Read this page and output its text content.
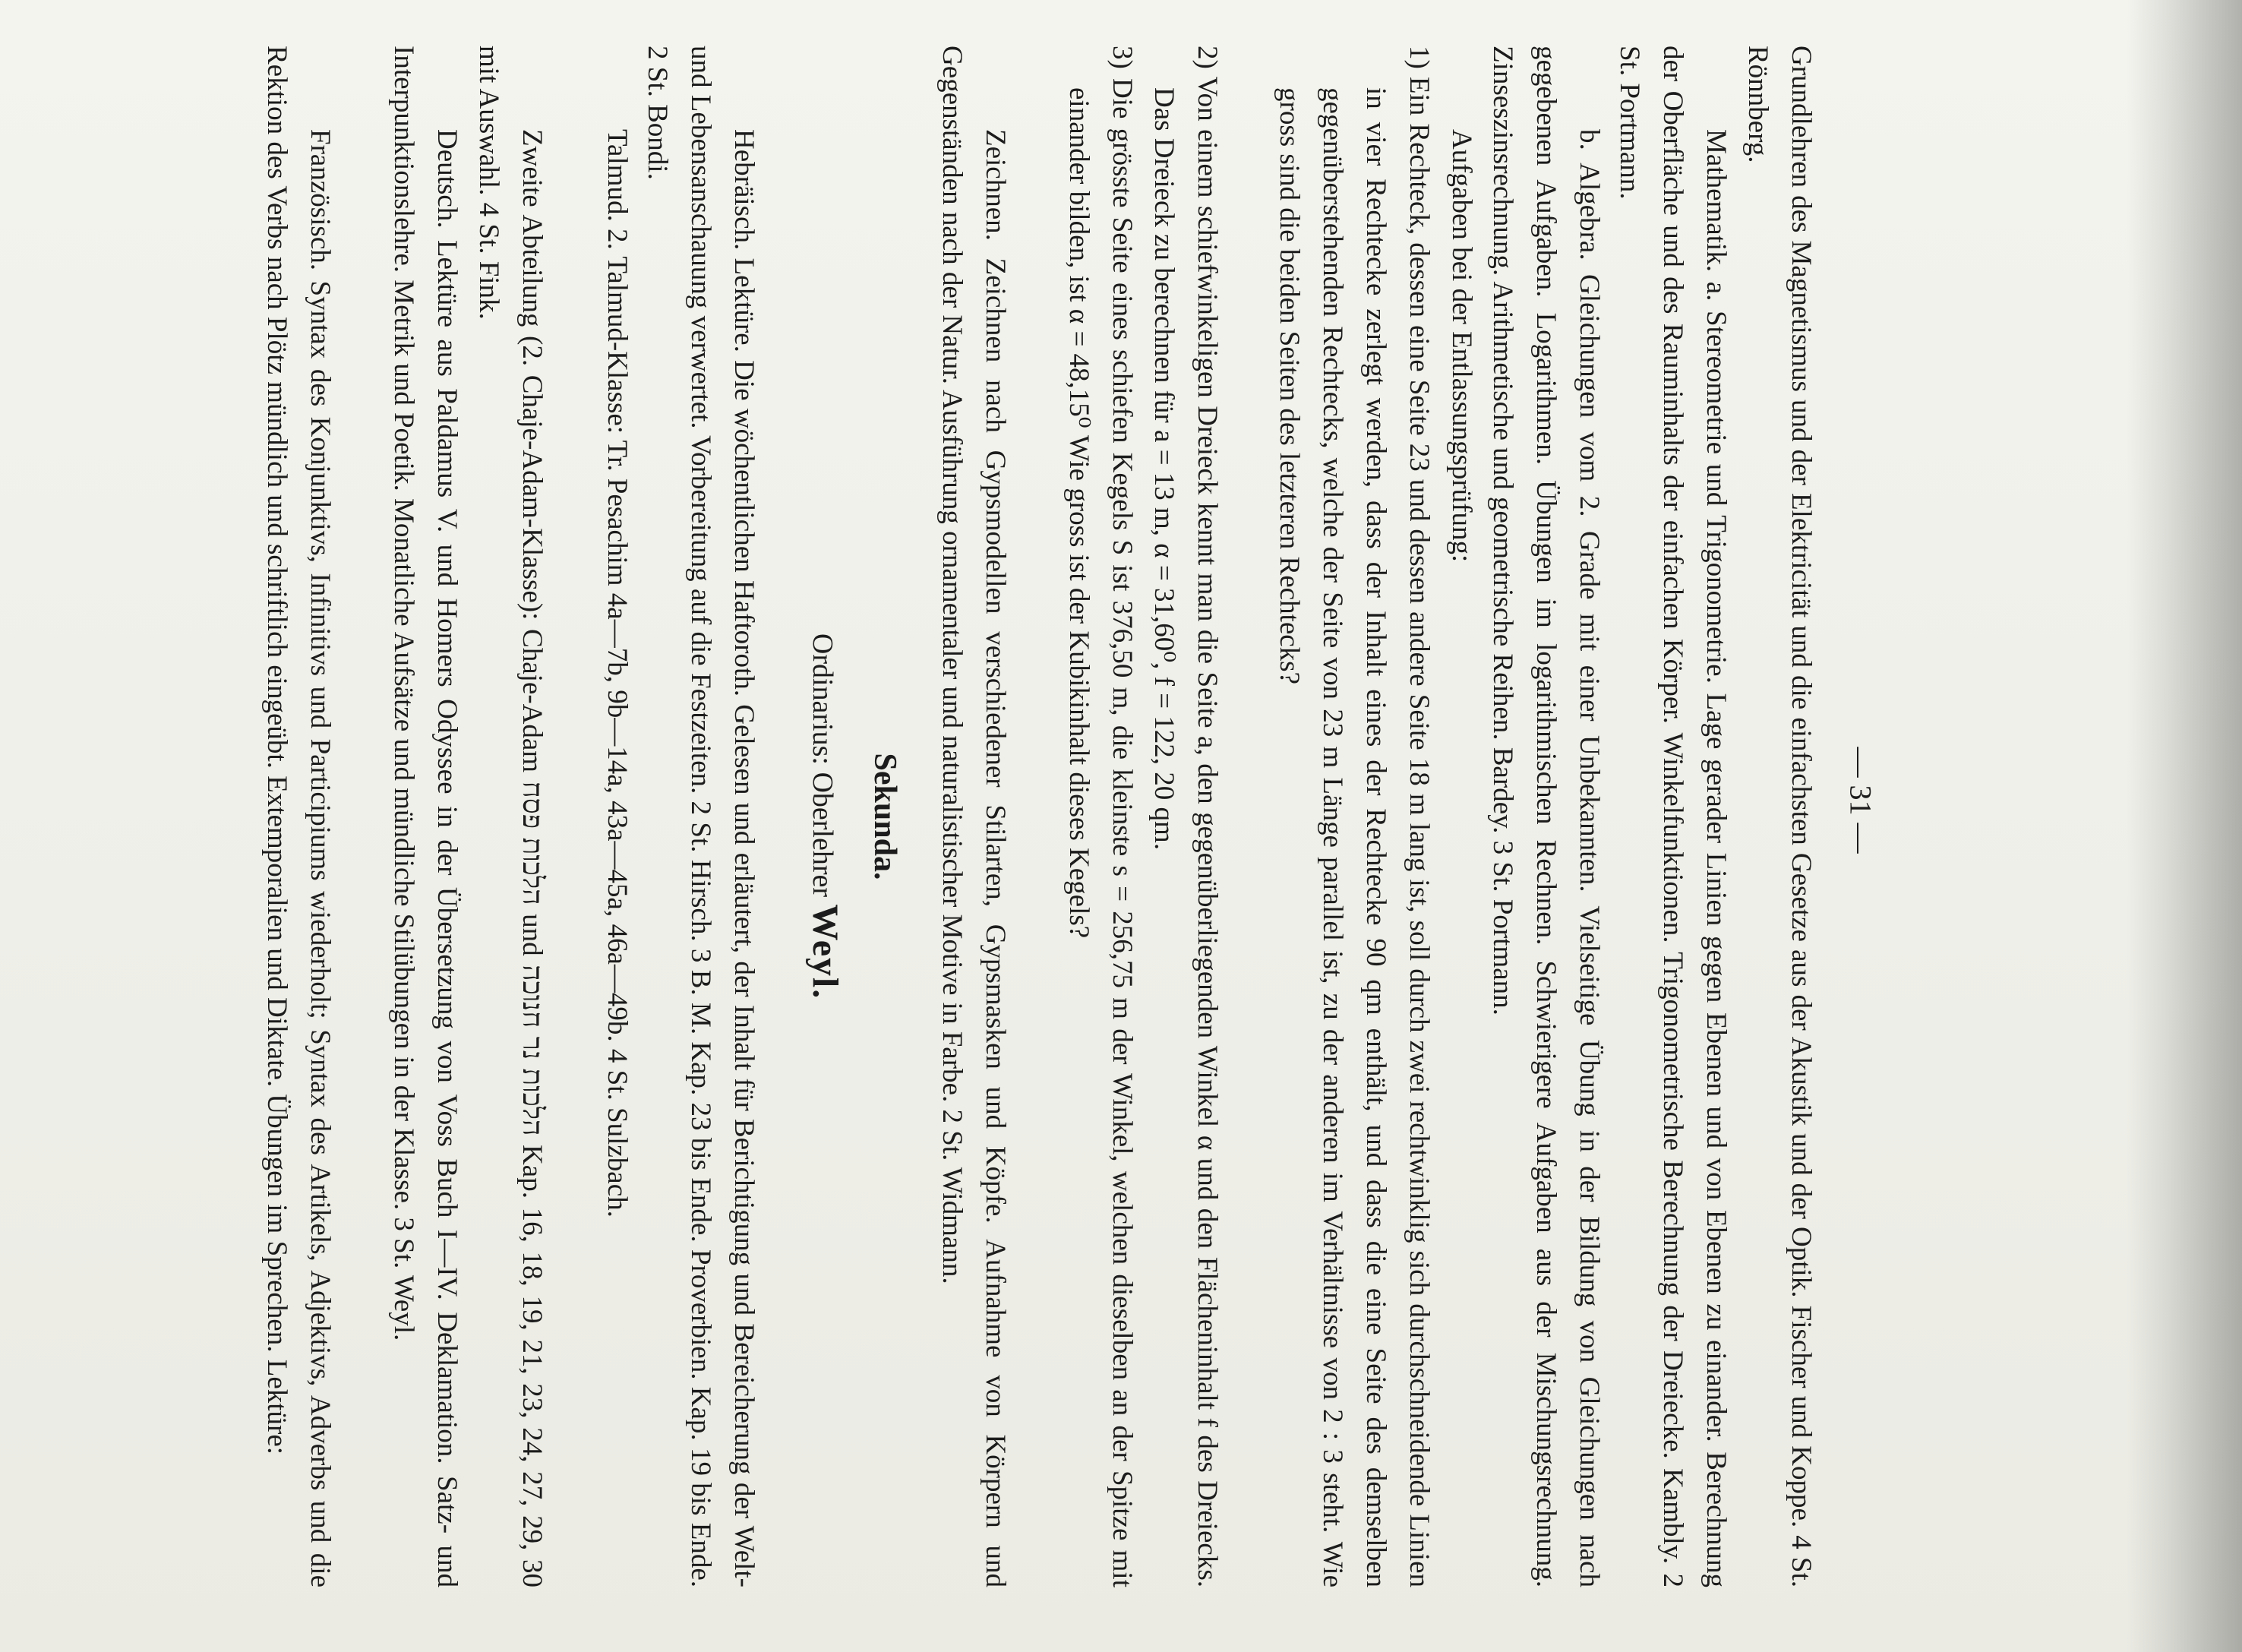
Grundlehren des Magnetismus und der Elektricität und die einfachsten Gesetze aus der Akustik und der Optik. Fischer und Koppe. 4 St. Rönnberg.

Mathematik. a. Stereometrie und Trigonometrie. Lage gerader Linien gegen Ebenen und von Ebenen zu einander. Berechnung der Oberfläche und des Rauminhalts der einfachen Körper. Winkelfunktionen. Trigonometrische Berechnung der Dreiecke. Kambly. 2 St. Portmann.

b. Algebra. Gleichungen vom 2. Grade mit einer Unbekannten. Vielseitige Übung in der Bildung von Gleichungen nach gegebenen Aufgaben. Logarithmen. Übungen im logarithmischen Rechnen. Schwierigere Aufgaben aus der Mischungsrechnung. Zinseszinsrechnung. Arithmetische und geometrische Reihen. Bardey. 3 St. Portmann.

Aufgaben bei der Entlassungsprüfung:

1) Ein Rechteck, dessen eine Seite 23 und dessen andere Seite 18 m lang ist, soll durch zwei rechtwinklig sich durchschneidende Linien in vier Rechtecke zerlegt werden, dass der Inhalt eines der Rechtecke 90 qm enthält, und dass die eine Seite des demselben gegenüberstehenden Rechtecks, welche der Seite von 23 m Länge parallel ist, zu der anderen im Verhältnisse von 2 : 3 steht. Wie gross sind die beiden Seiten des letzteren Rechtecks?

2) Von einem schiefwinkeligen Dreieck kennt man die Seite a, den gegenüberliegenden Winkel α und den Flächeninhalt f des Dreiecks. Das Dreieck zu berechnen für a = 13 m, α = 31,60⁰, f = 122, 20 qm.

3) Die grösste Seite eines schiefen Kegels S ist 376,50 m, die kleinste s = 256,75 m der Winkel, welchen dieselben an der Spitze mit einander bilden, ist α = 48,15⁰ Wie gross ist der Kubikinhalt dieses Kegels?

Zeichnen. Zeichnen nach Gypsmodellen verschiedener Stilarten, Gypsmasken und Köpfe. Aufnahme von Körpern und Gegenständen nach der Natur. Ausführung ornamentaler und naturalistischer Motive in Farbe. 2 St. Widmann.

Sekunda.

Ordinarius: Oberlehrer Weyl.

Hebräisch. Lektüre. Die wöchentlichen Haftoroth. Gelesen und erläutert, der Inhalt für Berichtigung und Bereicherung der Welt- und Lebensanschauung verwertet. Vorbereitung auf die Festzeiten. 2 St. Hirsch. 3 B. M. Kap. 23 bis Ende. Proverbien. Kap. 19 bis Ende. 2 St. Bondi.

Talmud. 2. Talmud-Klasse: Tr. Pesachim 4a—7b, 9b—14a, 43a—45a, 46a—49b. 4 St. Sulzbach.

Zweite Abteilung (2. Chaje-Adam-Klasse): Chaje-Adam הלכות פסח und הלכות נר חנוכה Kap. 16, 18, 19, 21, 23, 24, 27, 29, 30 mit Auswahl. 4 St. Fink.

Deutsch. Lektüre aus Paldamus V. und Homers Odyssee in der Übersetzung von Voss Buch I—IV. Deklamation. Satz- und Interpunktionslehre. Metrik und Poetik. Monatliche Aufsätze und mündliche Stilübungen in der Klasse. 3 St. Weyl.

Französisch. Syntax des Konjunktivs, Infinitivs und Participiums wiederholt; Syntax des Artikels, Adjektivs, Adverbs und die Rektion des Verbs nach Plötz mündlich und schriftlich eingeübt. Extemporalien und Diktate. Übungen im Sprechen. Lektüre:	— 31 —
